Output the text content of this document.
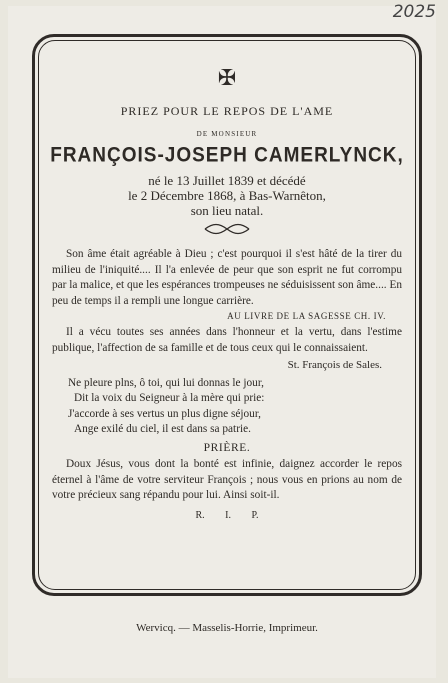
2025
✠
PRIEZ POUR LE REPOS DE L'AME
DE MONSIEUR
FRANÇOIS-JOSEPH CAMERLYNCK,
né le 13 Juillet 1839 et décédé
le 2 Décembre 1868, à Bas-Warnêton,
son lieu natal.
Son âme était agréable à Dieu ; c'est pourquoi il s'est hâté de la tirer du milieu de l'iniquité.... Il l'a enlevée de peur que son esprit ne fut corrompu par la malice, et que les espérances trompeuses ne séduisissent son âme.... En peu de temps il a rempli une longue carrière.
AU LIVRE DE LA SAGESSE CH. IV.
Il a vécu toutes ses années dans l'honneur et la vertu, dans l'estime publique, l'affection de sa famille et de tous ceux qui le connaissaient.
St. François de Sales.
Ne pleure plns, ô toi, qui lui donnas le jour,
Dit la voix du Seigneur à la mère qui prie:
J'accorde à ses vertus un plus digne séjour,
Ange exilé du ciel, il est dans sa patrie.
PRIÈRE.
Doux Jésus, vous dont la bonté est infinie, daignez accorder le repos éternel à l'âme de votre serviteur François ; nous vous en prions au nom de votre précieux sang répandu pour lui. Ainsi soit-il.
R. I. P.
Wervicq. — Masselis-Horrie, Imprimeur.
